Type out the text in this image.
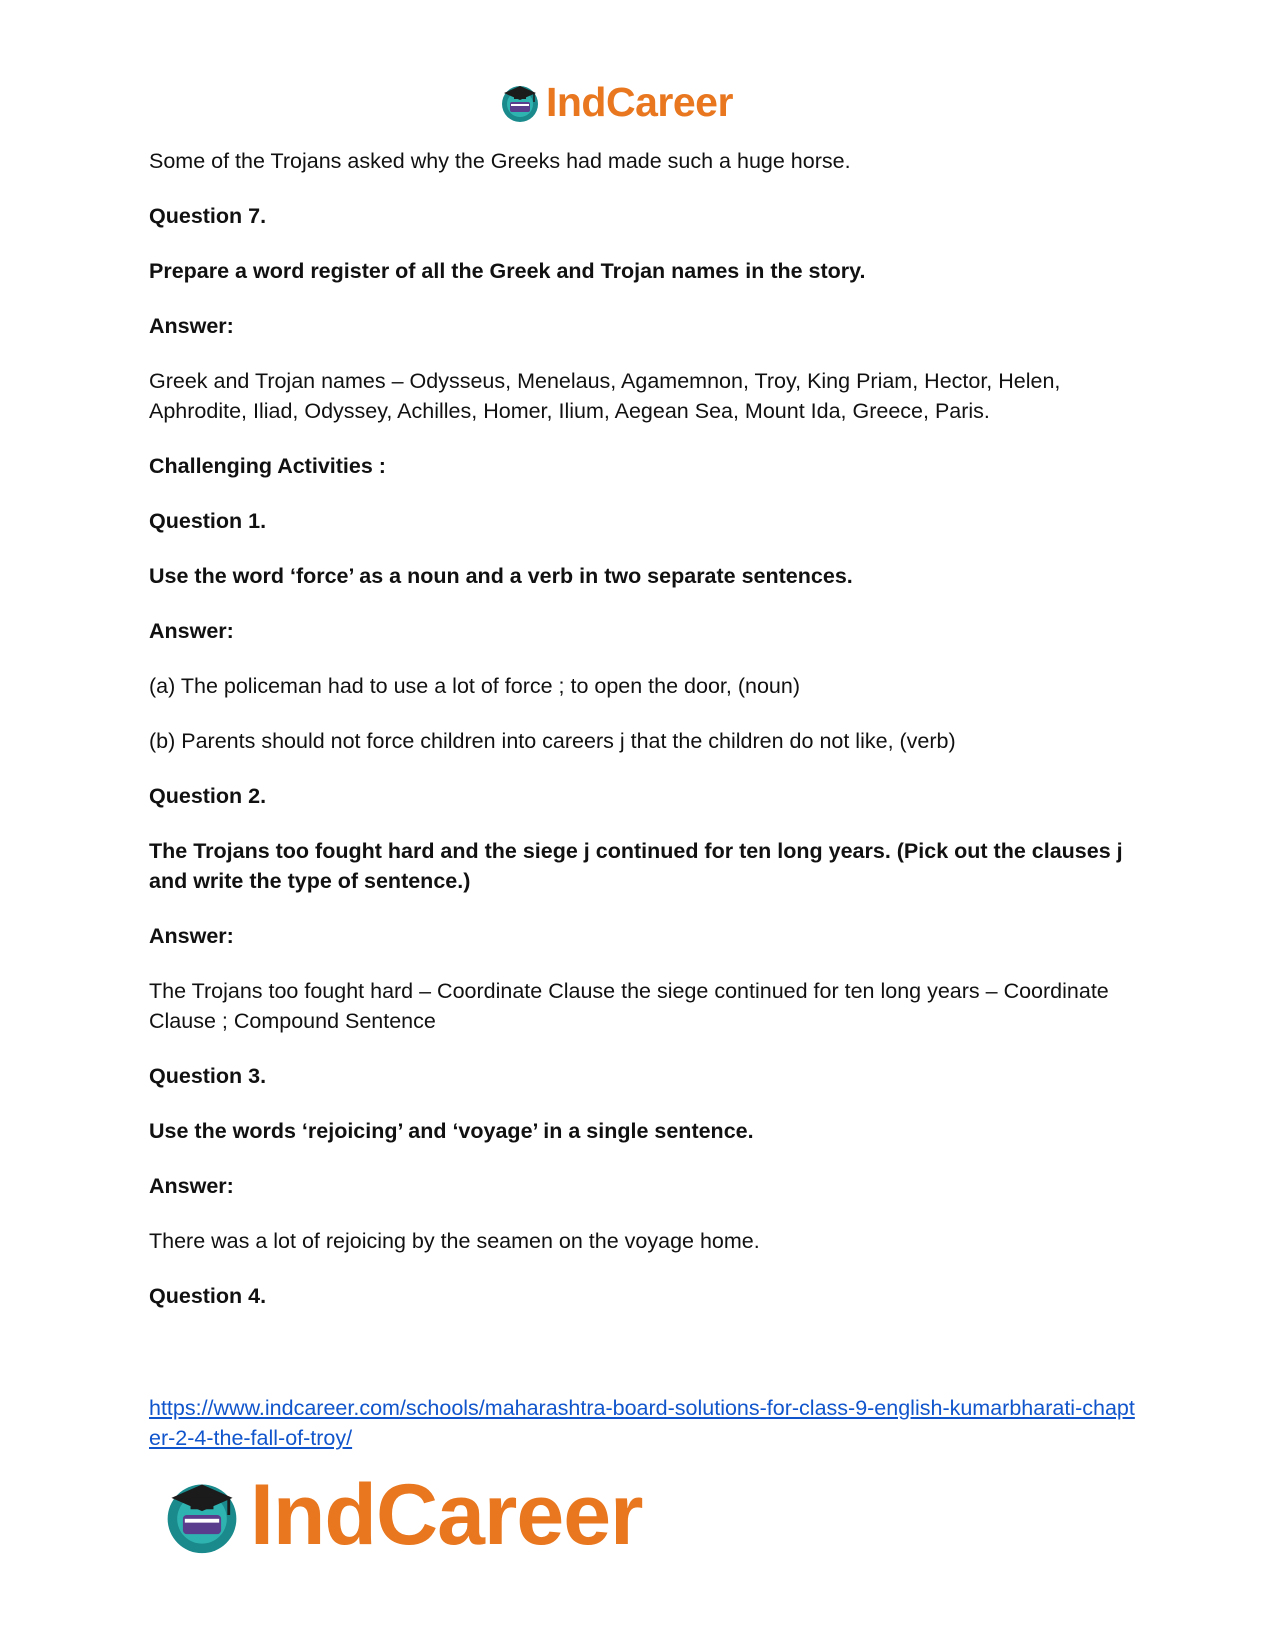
IndCareer

Some of the Trojans asked why the Greeks had made such a huge horse.

Question 7.

Prepare a word register of all the Greek and Trojan names in the story.

Answer:

Greek and Trojan names – Odysseus, Menelaus, Agamemnon, Troy, King Priam, Hector, Helen, Aphrodite, Iliad, Odyssey, Achilles, Homer, Ilium, Aegean Sea, Mount Ida, Greece, Paris.

Challenging Activities :

Question 1.

Use the word ‘force’ as a noun and a verb in two separate sentences.

Answer:

(a) The policeman had to use a lot of force ; to open the door, (noun)

(b) Parents should not force children into careers j that the children do not like, (verb)

Question 2.

The Trojans too fought hard and the siege j continued for ten long years. (Pick out the clauses j and write the type of sentence.)

Answer:

The Trojans too fought hard – Coordinate Clause the siege continued for ten long years – Coordinate Clause ; Compound Sentence

Question 3.

Use the words ‘rejoicing’ and ‘voyage’ in a single sentence.

Answer:

There was a lot of rejoicing by the seamen on the voyage home.

Question 4.

https://www.indcareer.com/schools/maharashtra-board-solutions-for-class-9-english-kumarbharati-chapter-2-4-the-fall-of-troy/
IndCareer
